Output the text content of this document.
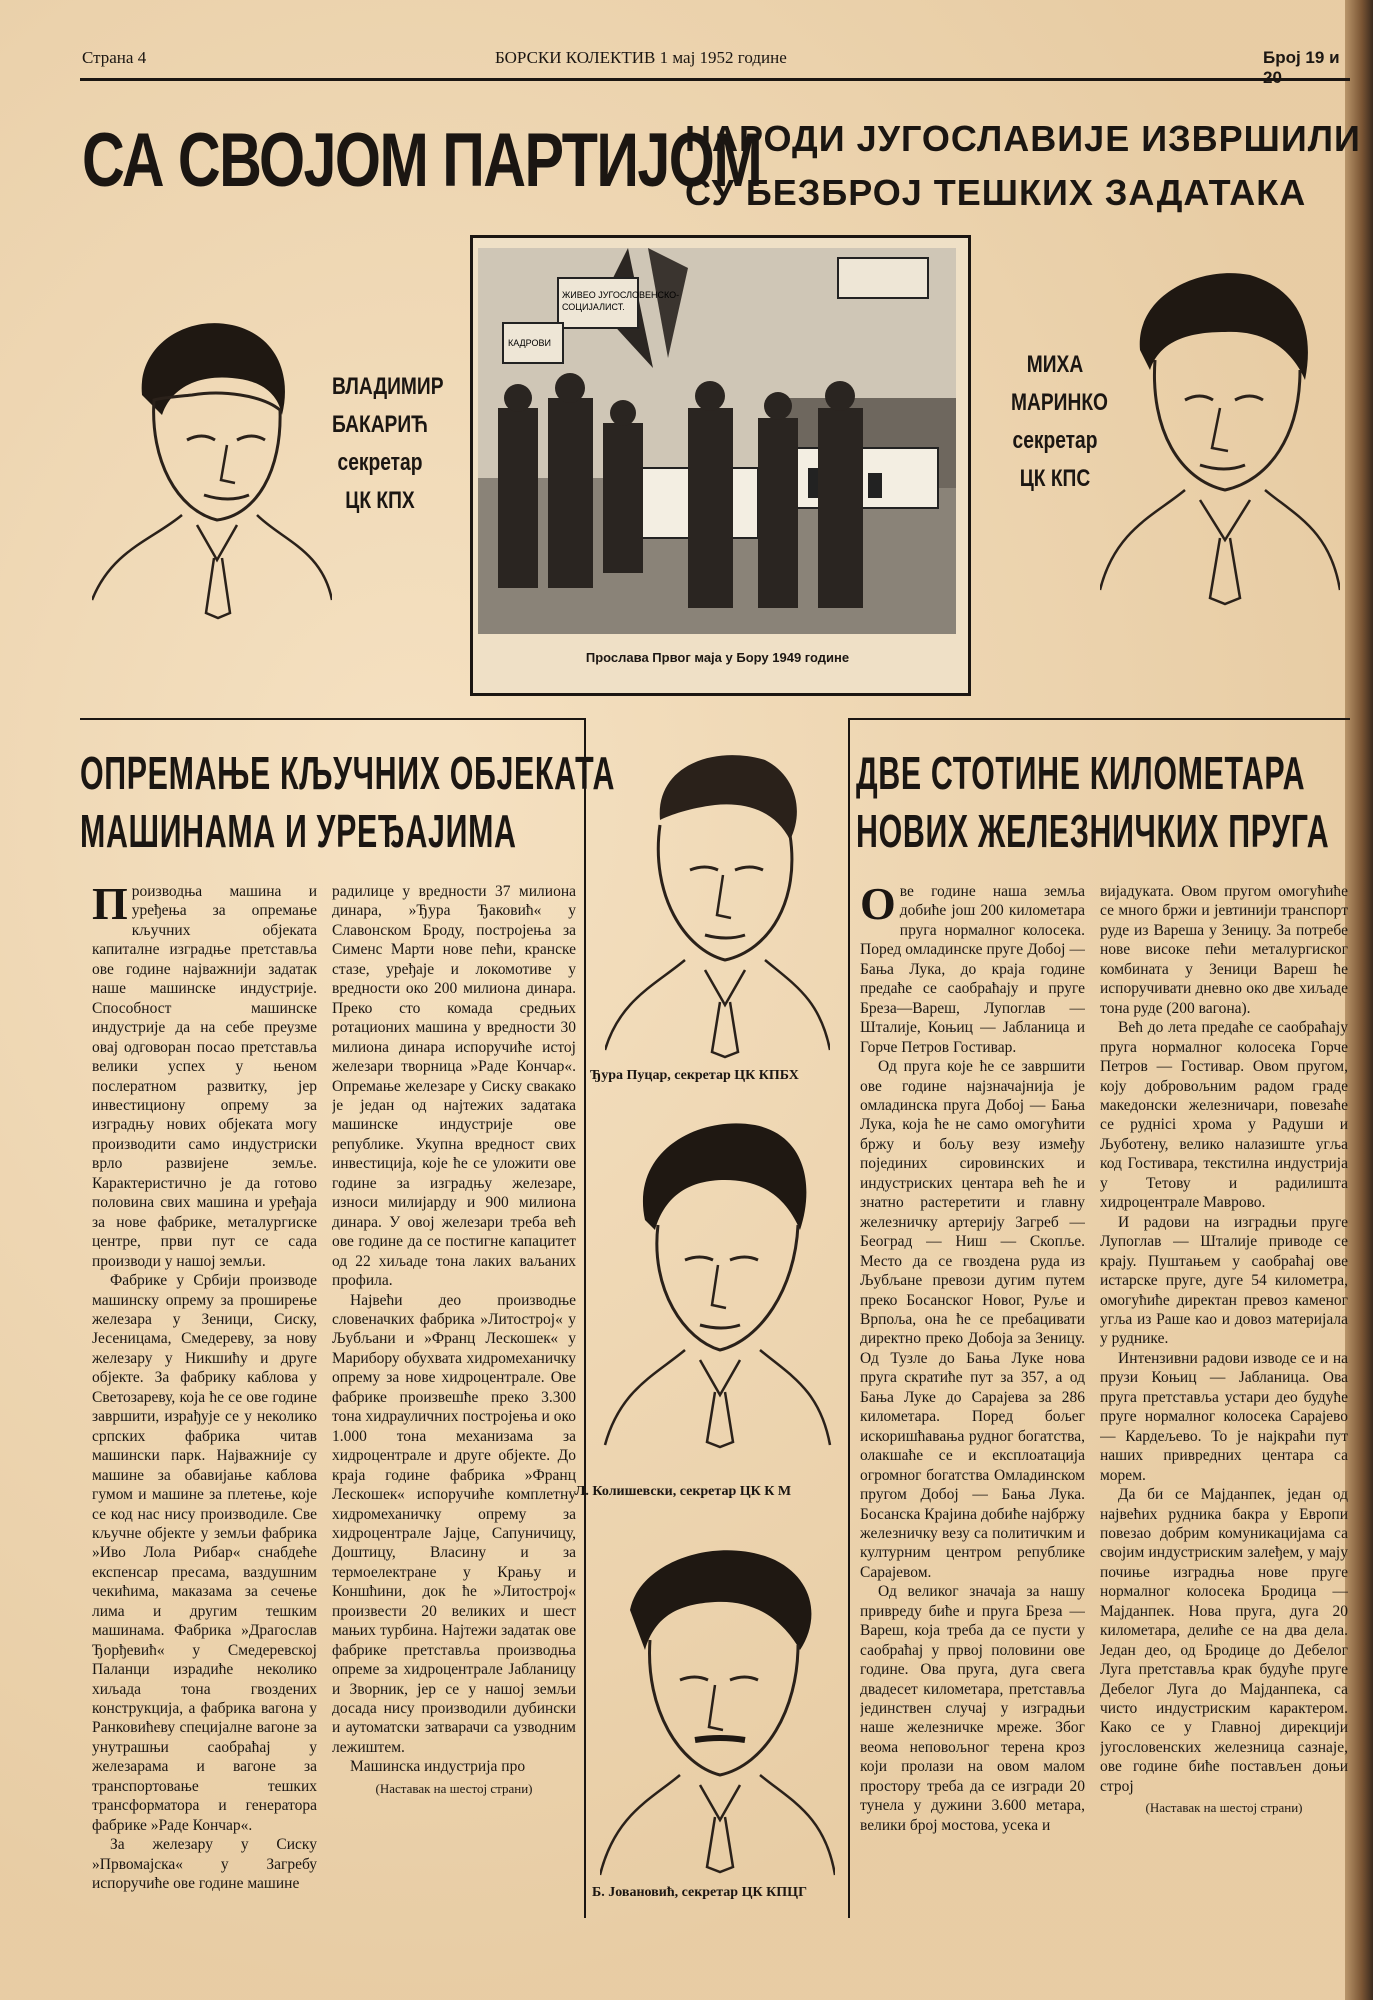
Страна 4	БОРСКИ КОЛЕКТИВ 1 мај 1952 године	Број 19 и 20
СА СВОЈОМ ПАРТИЈОМ
НАРОДИ ЈУГОСЛАВИЈЕ ИЗВРШИЛИ
СУ БЕЗБРОЈ ТЕШКИХ ЗАДАТАКА
ВЛАДИМИР
БАКАРИЋ
секретар
ЦК КПХ
ЖИВЕО ЈУГОСЛОВЕНСКО-
СОЦИЈАЛИСТ.
КАДРОВИ
Прослава Првог маја у Бору 1949 године
МИХА
МАРИНКО
секретар
ЦК КПС
ОПРЕМАЊЕ КЉУЧНИХ ОБЈЕКАТА
МАШИНАМА И УРЕЂАЈИМА

Производња машина и уређења за опремање кључних објеката капиталне изградње претставља ове године најважнији задатак наше машинске индустрије. Способност машинске индустрије да на себе преузме овај одговоран посао претставља велики успех у њеном послератном развитку, јер инвестициону опрему за изградњу нових објеката могу производити само индустриски врло развијене земље. Карактеристично је да готово половина свих машина и уређаја за нове фабрике, металургиске центре, први пут се сада производи у нашој земљи.

Фабрике у Србији производе машинску опрему за проширење железара у Зеници, Сиску, Јесеницама, Смедереву, за нову железару у Никшићу и друге објекте. За фабрику каблова у Светозареву, која ће се ове године завршити, израђује се у неколико српских фабрика читав машински парк. Најважније су машине за обавијање каблова гумом и машине за плетење, које се код нас нису производиле. Све кључне објекте у земљи фабрика »Иво Лола Рибар« снабдеће експенсар пресама, ваздушним чекићима, маказама за сечење лима и другим тешким машинама. Фабрика »Драгослав Ђорђевић« у Смедеревској Паланци израдиће неколико хиљада тона гвоздених конструкција, а фабрика вагона у Ранковићеву специјалне вагоне за унутрашњи саобраћај у железарама и вагоне за транспортовање тешких трансформатора и генератора фабрике »Раде Кончар«.

За железару у Сиску »Првомајска« у Загребу испоручиће ове године машине

радилице у вредности 37 милиона динара, »Ђура Ђаковић« у Славонском Броду, постројења за Сименс Марти нове пећи, кранске стазе, уређаје и локомотиве у вредности око 200 милиона динара. Преко сто комада средњих ротационих машина у вредности 30 милиона динара испоручиће истој железари творница »Раде Кончар«. Опремање железаре у Сиску свакако је један од најтежих задатака машинске индустрије ове републике. Укупна вредност свих инвестиција, које ће се уложити ове године за изградњу железаре, износи милијарду и 900 милиона динара. У овој железари треба већ ове године да се постигне капацитет од 22 хиљаде тона лаких ваљаних профила.

Највећи део производње словеначких фабрика »Литострој« у Љубљани и »Франц Лескошек« у Марибору обухвата хидромеханичку опрему за нове хидроцентрале. Ове фабрике произвешће преко 3.300 тона хидрауличних постројења и око 1.000 тона механизама за хидроцентрале и друге објекте. До краја године фабрика »Франц Лескошек« испоручиће комплетну хидромеханичку опрему за хидроцентрале Јајце, Сапуничицу, Доштицу, Власину и за термоелектране у Крању и Коншћини, док ће »Литострој« произвести 20 великих и шест мањих турбина. Најтежи задатак ове фабрике претставља производња опреме за хидроцентрале Јабланицу и Зворник, јер се у нашој земљи досада нису производили дубински и аутоматски затварачи са узводним лежиштем.

Машинска индустрија про

(Наставак на шестој страни)
Ђура Пуцар, секретар ЦК КПБХ
Л. Колишевски, секретар ЦК К М
Б. Јовановић, секретар ЦК КПЦГ
ДВЕ СТОТИНЕ КИЛОМЕТАРА
НОВИХ ЖЕЛЕЗНИЧКИХ ПРУГА

Ове године наша земља добиће још 200 километара пруга нормалног колосека. Поред омладинске пруге Добој — Бања Лука, до краја године предаће се саобраћају и пруге Бреза—Вареш, Лупоглав — Шталије, Коњиц — Јабланица и Горче Петров Гостивар.

Од пруга које ће се завршити ове године најзначајнија је омладинска пруга Добој — Бања Лука, која ће не само омогућити бржу и бољу везу између појединих сировинских и индустриских центара већ ће и знатно растеретити и главну железничку артерију Загреб — Београд — Ниш — Скопље. Место да се гвоздена руда из Љубљане превози дугим путем преко Босанског Новог, Руље и Врпоља, она ће се пребацивати директно преко Добоја за Зеницу. Од Тузле до Бања Луке нова пруга скратиће пут за 357, а од Бања Луке до Сарајева за 286 километара. Поред бољег искоришћавања рудног богатства, олакшаће се и експлоатација огромног богатства Омладинском пругом Добој — Бања Лука. Босанска Крајина добиће најбржу железничку везу са политичким и културним центром републике Сарајевом.

Од великог значаја за нашу привреду биће и пруга Бреза — Вареш, која треба да се пусти у саобраћај у првој половини ове године. Ова пруга, дуга свега двадесет километара, претставља јединствен случај у изградњи наше железничке мреже. Због веома неповољног терена кроз који пролази на овом малом простору треба да се изгради 20 тунела у дужини 3.600 метара, велики број мостова, усека и

вијадуката. Овом пругом омогућиће се много бржи и јевтинији транспорт руде из Вареша у Зеницу. За потребе нове високе пећи металургиског комбината у Зеници Вареш ће испоручивати дневно око две хиљаде тона руде (200 вагона).

Већ до лета предаће се саобраћају пруга нормалног колосека Горче Петров — Гостивар. Овом пругом, коју добровољним радом граде македонски железничари, повезаће се руднici хрома у Радуши и Љуботену, велико налазиште угља код Гостивара, текстилна индустрија у Тетову и радилишта хидроцентрале Маврово.

И радови на изградњи пруге Лупоглав — Шталије приводе се крају. Пуштањем у саобраћај ове истарске пруге, дуге 54 километра, омогућиће директан превоз каменог угља из Раше као и довоз материјала у руднике.

Интензивни радови изводе се и на прузи Коњиц — Јабланица. Ова пруга претставља устари део будуће пруге нормалног колосека Сарајево — Кардељево. То је најкраћи пут наших привредних центара са морем.

Да би се Мајданпек, један од највећих рудника бакра у Европи повезао добрим комуникацијама са својим индустриским залеђем, у мају почиње изградња нове пруге нормалног колосека Бродица — Мајданпек. Нова пруга, дуга 20 километара, делиће се на два дела. Један део, од Бродице до Дебелог Луга претставља крак будуће пруге Дебелог Луга до Мајданпека, са чисто индустриским карактером. Како се у Главној дирекцији југословенских железница сазнаје, ове године биће постављен доњи строј

(Наставак на шестој страни)
